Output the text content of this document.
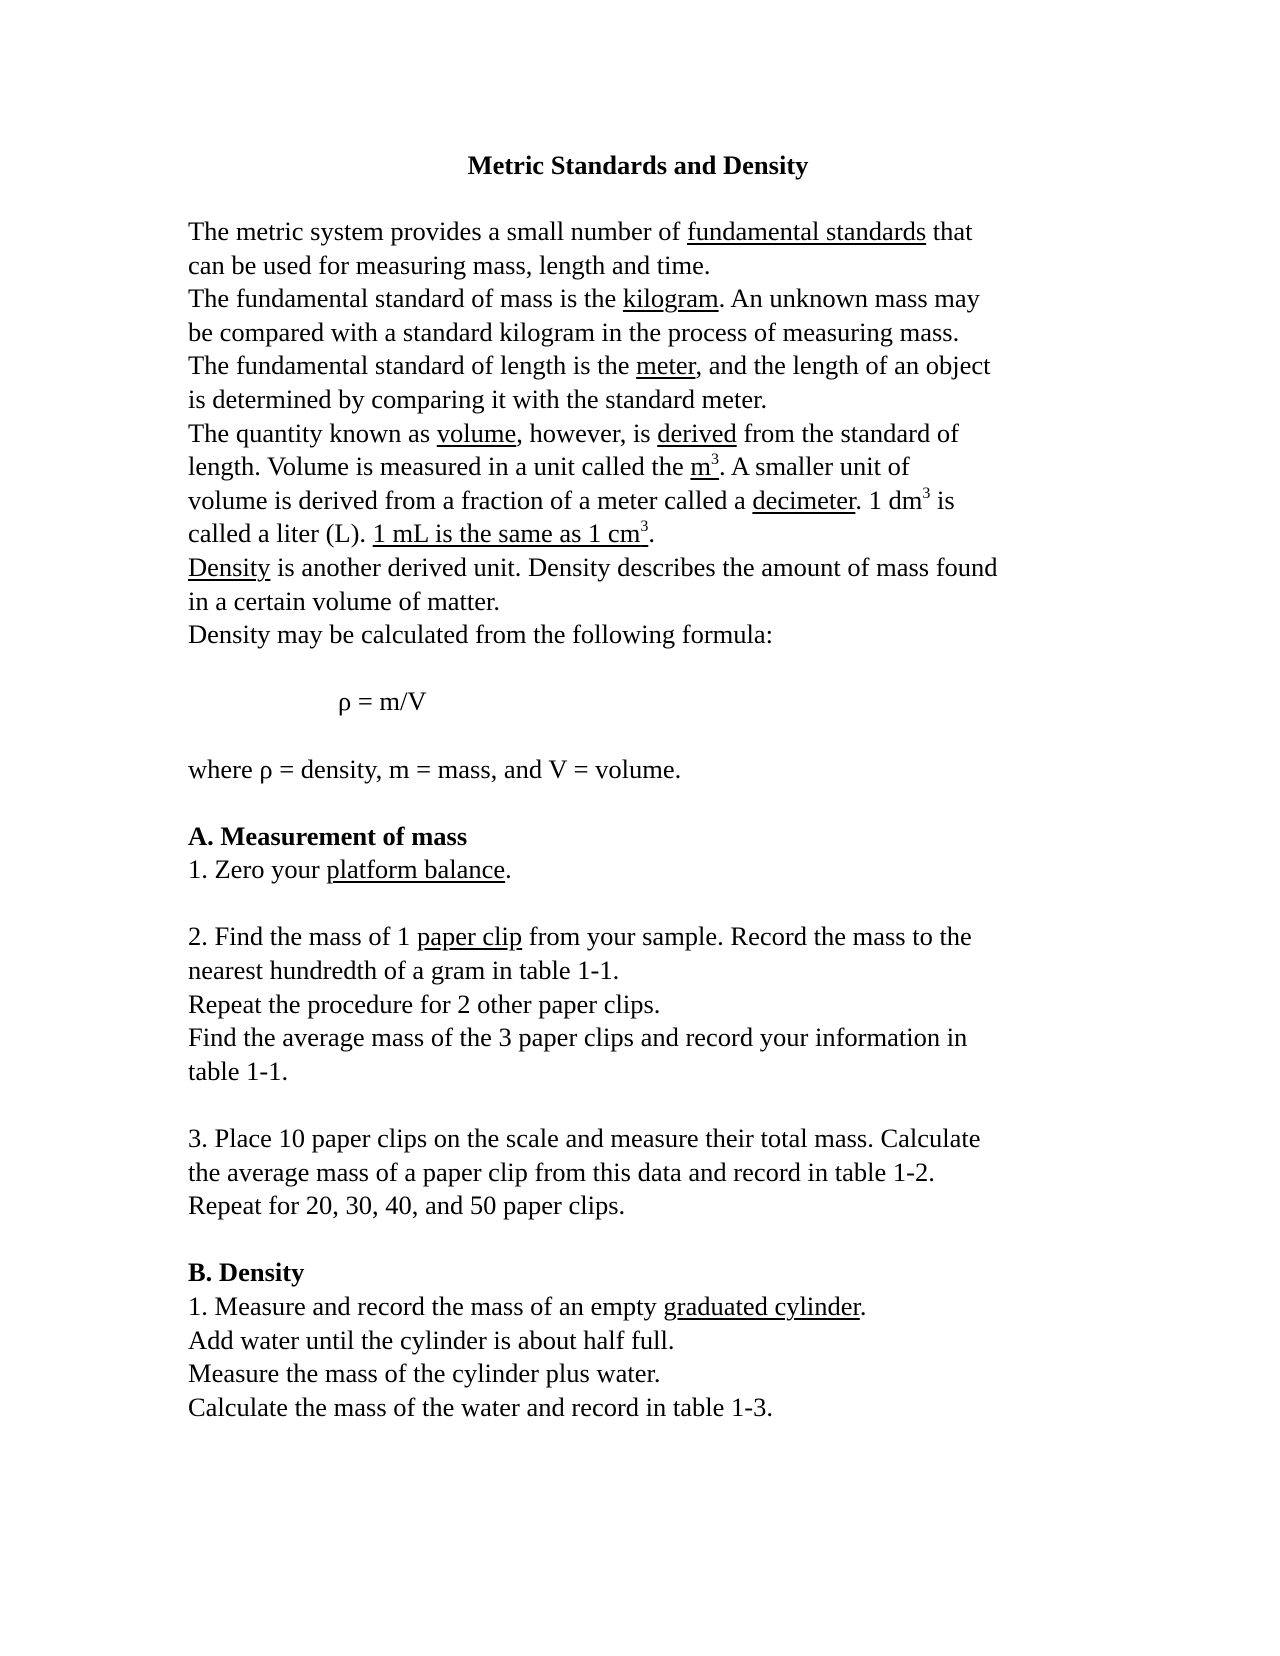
Metric Standards and Density

The metric system provides a small number of fundamental standards that

can be used for measuring mass, length and time.

The fundamental standard of mass is the kilogram. An unknown mass may

be compared with a standard kilogram in the process of measuring mass.

The fundamental standard of length is the meter, and the length of an object

is determined by comparing it with the standard meter.

The quantity known as volume, however, is derived from the standard of

length. Volume is measured in a unit called the $m^3$. A smaller unit of

volume is derived from a fraction of a meter called a decimeter. 1 $dm^3$ is

called a liter (L). 1 mL is the same as 1 $cm^3$.

Density is another derived unit. Density describes the amount of mass found

in a certain volume of matter.

Density may be calculated from the following formula:

ρ = m/V

where ρ = density, m = mass, and V = volume.

A. Measurement of mass

1. Zero your platform balance.

2. Find the mass of 1 paper clip from your sample. Record the mass to the

nearest hundredth of a gram in table 1-1.

Repeat the procedure for 2 other paper clips.

Find the average mass of the 3 paper clips and record your information in

table 1-1.

3. Place 10 paper clips on the scale and measure their total mass. Calculate

the average mass of a paper clip from this data and record in table 1-2.

Repeat for 20, 30, 40, and 50 paper clips.

B. Density

1. Measure and record the mass of an empty graduated cylinder.

Add water until the cylinder is about half full.

Measure the mass of the cylinder plus water.

Calculate the mass of the water and record in table 1-3.
